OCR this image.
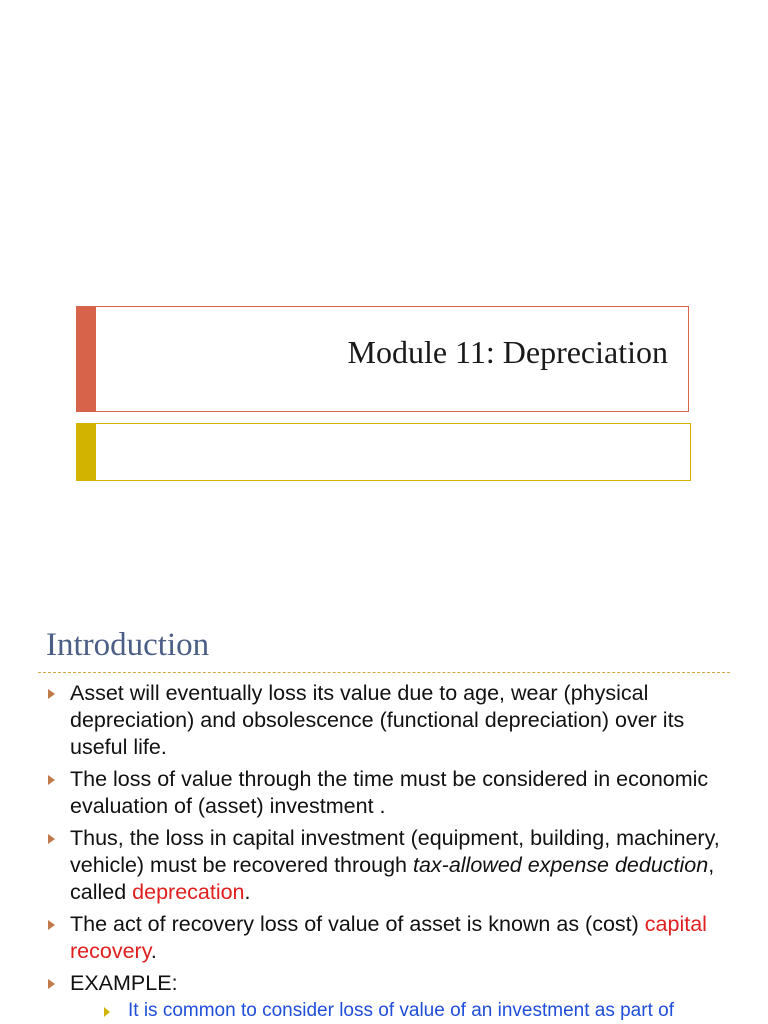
Module 11: Depreciation
Introduction
Asset will eventually loss its value due to age, wear (physical depreciation) and obsolescence (functional depreciation) over its useful life.
The loss of value through the time must be considered in economic evaluation of (asset) investment .
Thus, the loss in capital investment (equipment, building, machinery, vehicle) must be recovered through tax-allowed expense deduction, called deprecation.
The act of recovery loss of value of asset is known as (cost) capital recovery.
EXAMPLE:
It is common to consider loss of value of an investment as part of
